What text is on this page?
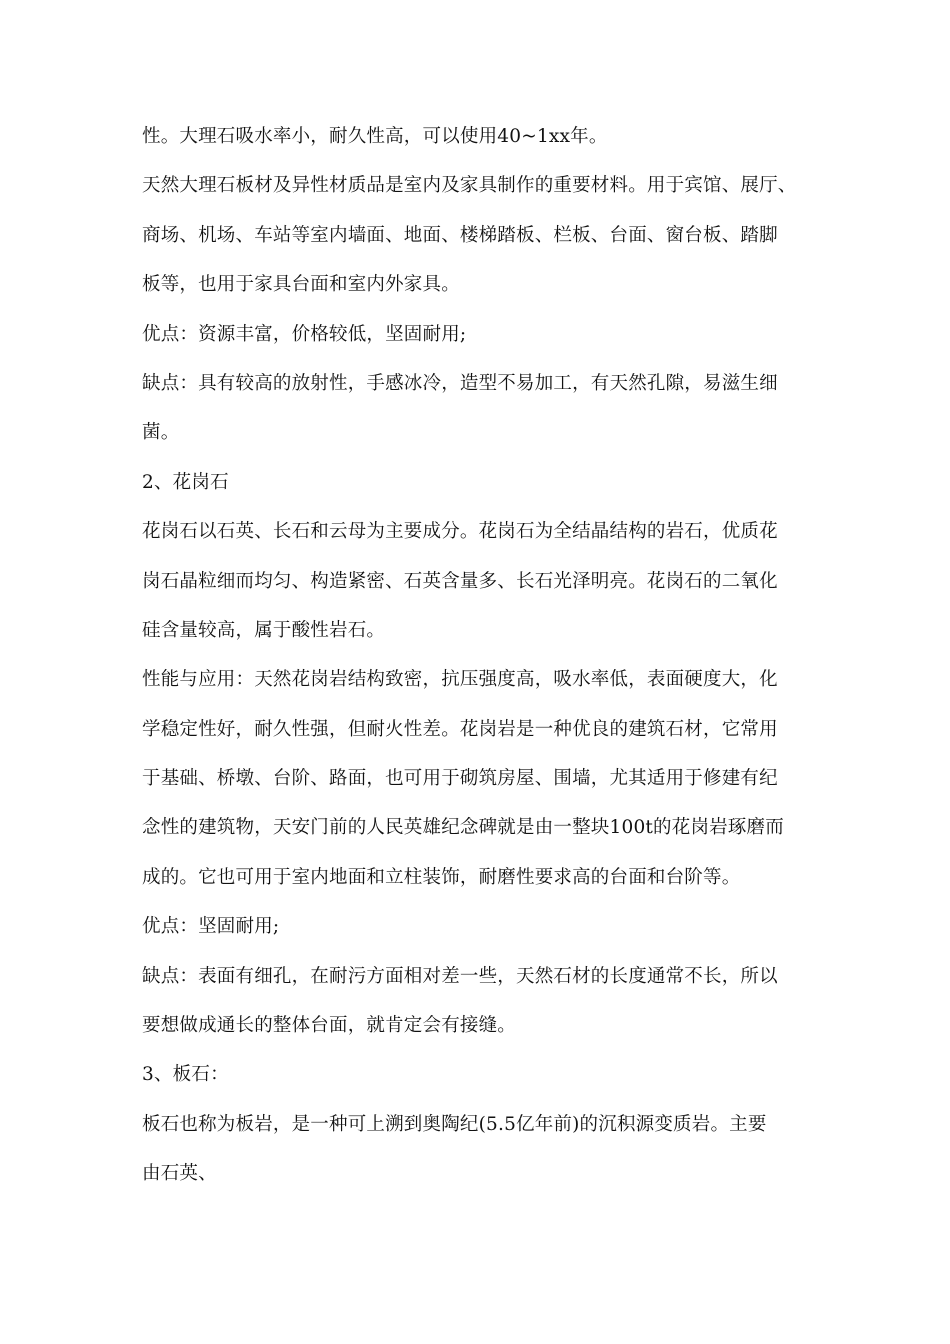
性。大理石吸水率小，耐久性高，可以使用40~1xx年。
天然大理石板材及异性材质品是室内及家具制作的重要材料。用于宾馆、展厅、
商场、机场、车站等室内墙面、地面、楼梯踏板、栏板、台面、窗台板、踏脚
板等，也用于家具台面和室内外家具。
优点：资源丰富，价格较低，坚固耐用;
缺点：具有较高的放射性，手感冰冷，造型不易加工，有天然孔隙，易滋生细
菌。
2、花岗石
花岗石以石英、长石和云母为主要成分。花岗石为全结晶结构的岩石，优质花
岗石晶粒细而均匀、构造紧密、石英含量多、长石光泽明亮。花岗石的二氧化
硅含量较高，属于酸性岩石。
性能与应用：天然花岗岩结构致密，抗压强度高，吸水率低，表面硬度大，化
学稳定性好，耐久性强，但耐火性差。花岗岩是一种优良的建筑石材，它常用
于基础、桥墩、台阶、路面，也可用于砌筑房屋、围墙，尤其适用于修建有纪
念性的建筑物，天安门前的人民英雄纪念碑就是由一整块100t的花岗岩琢磨而
成的。它也可用于室内地面和立柱装饰，耐磨性要求高的台面和台阶等。
优点：坚固耐用;
缺点：表面有细孔，在耐污方面相对差一些，天然石材的长度通常不长，所以
要想做成通长的整体台面，就肯定会有接缝。
3、板石：
板石也称为板岩，是一种可上溯到奥陶纪(5.5亿年前)的沉积源变质岩。主要
由石英、
